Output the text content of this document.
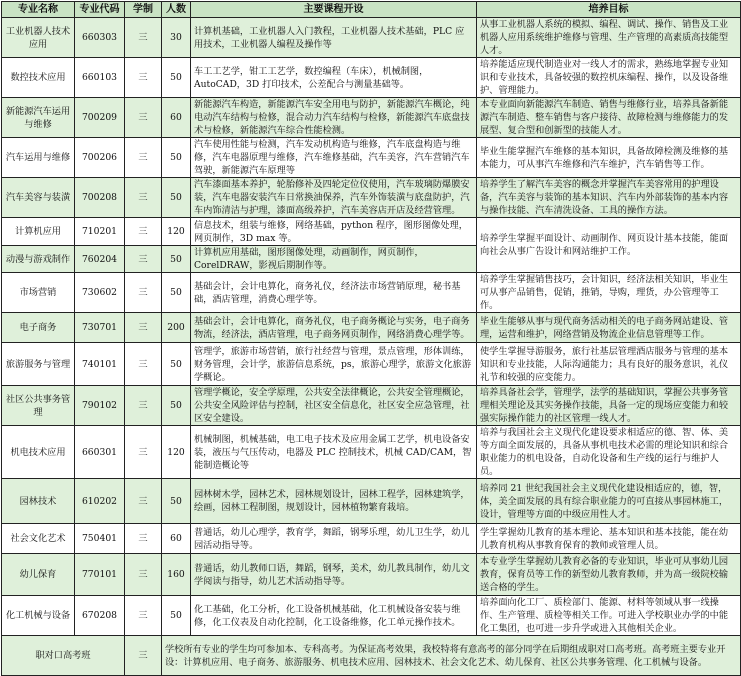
专业名称	专业代码	学制	人数	主要课程开设	培养目标
工业机器人技术应用	660303	三	30	计算机基础，工业机器人入门教程，工业机器人技术基础，PLC 应用技术，工业机器人编程及操作等	从事工业机器人系统的模拟、编程、调试、操作、销售及工业机器人应用系统维护维修与管理、生产管理的高素质高技能型人才。
数控技术应用	660103	三	50	车工工艺学，钳工工艺学，数控编程（车床），机械制图，AutoCAD，3D 打印技术，公差配合与测量基础等。	培养能适应现代制造业对一线人才的需求，熟练地掌握专业知识和专业技术，具备较强的数控机床编程、操作，以及设备维护、管理能力。
新能源汽车运用与维修	700209	三	60	新能源汽车构造，新能源汽车安全用电与防护，新能源汽车概论，纯电动汽车结构与检修，混合动力汽车结构与检修，新能源汽车底盘技术与检修，新能源汽车综合性能检测。	本专业面向新能源汽车制造、销售与维修行业，培养具备新能源汽车制造、整车销售与客户接待、故障检测与维修能力的发展型、复合型和创新型的技能人才。
汽车运用与维修	700206	三	50	汽车使用性能与检测，汽车发动机构造与维修，汽车底盘构造与维修，汽车电器原理与维修，汽车维修基础，汽车美容，汽车营销汽车驾驶，新能源汽车原理等	毕业生能掌握汽车维修的基本知识，具备故障检测及维修的基本能力，可从事汽车维修和汽车维护，汽车销售等工作。
汽车美容与装潢	700208	三	50	汽车漆面基本养护，轮胎修补及四轮定位仪使用，汽车玻璃防爆膜安装，汽车电器安装汽车日常换油保养，汽车外饰装潢与底盘防护，汽车内饰清洁与护理，漆面高级养护，汽车美容店开店及经营管理。	培养学生了解汽车美容的概念并掌握汽车美容常用的护理设备，汽车美容与装饰的基本知识、汽车内外部装饰的基本内容与操作技能、汽车清洗设备、工具的操作方法。
计算机应用	710201	三	120	信息技术，组装与维修，网络基础，python 程序，图形图像处理，网页制作，3D max 等。	培养学生掌握平面设计、动画制作、网页设计基本技能，能面向社会从事广告设计和网站维护工作。
动漫与游戏制作	760204	三	50	计算机应用基础，图形图像处理，动画制作，网页制作，CorelDRAW，影视后期制作等。	
市场营销	730602	三	50	基础会计，会计电算化，商务礼仪，经济法市场营销原理，秘书基础，酒店管理，消费心理学等。	培养学生掌握销售技巧，会计知识，经济法相关知识，毕业生可从事产品销售，促销，推销，导购，理货，办公管理等工作。
电子商务	730701	三	200	基础会计，会计电算化，商务礼仪，电子商务概论与实务，电子商务物流，经济法，酒店管理，电子商务网页制作，网络消费心理学等。	毕业生能够从事与现代商务活动相关的电子商务网站建设、管理，运营和维护，网络营销及物流企业信息管理等工作。
旅游服务与管理	740101	三	50	管理学，旅游市场营销，旅行社经营与管理，景点管理，形体训练，财务管理，会计学，旅游信息系统，ps，旅游心理学，旅游文化旅游学概论。	使学生掌握导游服务，旅行社基层管理酒店服务与管理的基本知识和专业技能，人际沟通能力；具有良好的服务意识，礼仪礼节和较强的应变能力。
社区公共事务管理	790102	三	50	管理学概论，安全学原理，公共安全法律概论，公共安全管理概论，公共安全风险评估与控制，社区安全信息化，社区安全应急管理，社区安全建设。	培养具备社会学，管理学，法学的基础知识，掌握公共事务管理相关理论及其实务操作技能，具备一定的现场应变能力和较强实际操作能力的社区管理一线人才。
机电技术应用	660301	三	120	机械制图，机械基础，电工电子技术及应用金属工艺学，机电设备安装，液压与气压传动，电器及 PLC 控制技术，机械 CAD/CAM，智能制造概论等	培养与我国社会主义现代化建设要求相适应的德、智、体、美等方面全面发展的，具备从事机电技术必需的理论知识和综合职业能力的机电设备，自动化设备和生产线的运行与维护人员。
园林技术	610202	三	50	园林树木学，园林艺术，园林规划设计，园林工程学，园林建筑学，绘画，园林工程制图，规划设计，园林植物繁育栽培。	培养同 21 世纪我国社会主义现代化建设相适应的，德，智，体，美全面发展的具有综合职业能力的可直接从事园林施工，设计，管理等方面的中级应用性人才。
社会文化艺术	750401	三	60	普通话，幼儿心理学，教育学，舞蹈，钢琴乐理，幼儿卫生学，幼儿园活动指导等。	学生掌握幼儿教育的基本理论、基本知识和基本技能，能在幼儿教育机构从事教育保育的教师或管理人员。
幼儿保育	770101	三	160	普通话，幼儿教师口语，舞蹈，钢琴，美术，幼儿教具制作，幼儿文学阅读与指导，幼儿艺术活动指导等。	本专业学生掌握幼儿教育必备的专业知识，毕业可从事幼儿园教育，保育员等工作的新型幼儿教育教师，并为高一级院校输送合格的学生。
化工机械与设备	670208	三	50	化工基础，化工分析，化工设备机械基础，化工机械设备安装与维修，化工仪表及自动化控制，化工设备维修，化工单元操作技术。	培养面向化工厂、质检部门、能源、材料等领域从事一线操作、生产管理、质检等相关工作。可进入学校职业办学的中能化工集团，也可进一步升学或进入其他相关企业。
职对口高考班		三	学校所有专业的学生均可参加本、专科高考。为保证高考效果，我校特将有意高考的部分同学在后期组成职对口高考班。高考班主要专业开设：计算机应用、电子商务、旅游服务、机电技术应用、园林技术、社会文化艺术、幼儿保育、社区公共事务管理、化工机械与设备。		
